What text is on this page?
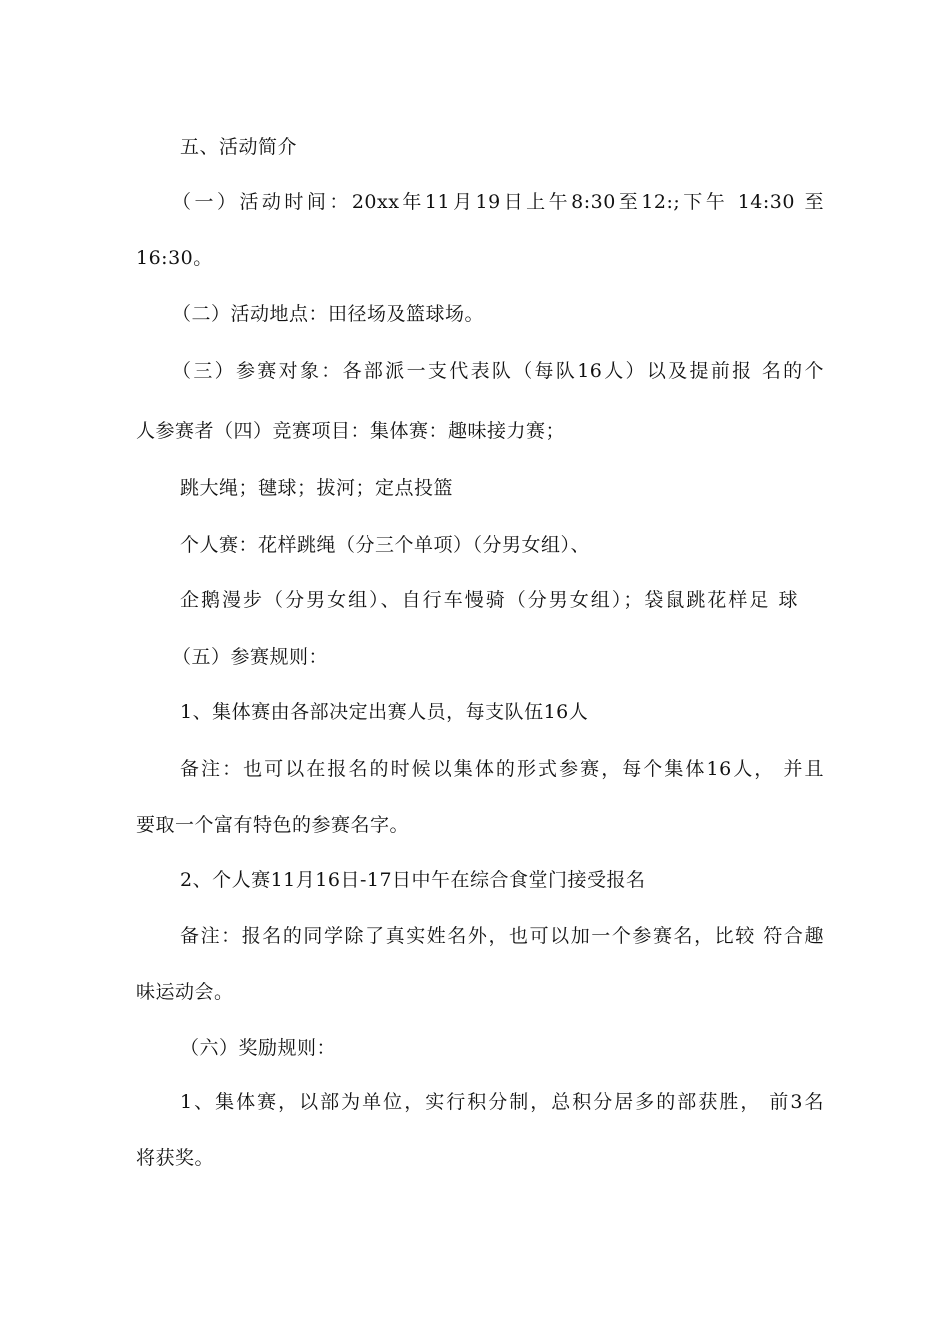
五、活动简介
（一）活动时间：20xx年11月19日上午8:30至12:;下午 14:30 至
16:30。
（二）活动地点：田径场及篮球场。
（三）参赛对象：各部派一支代表队（每队16人）以及提前报 名的个
人参赛者（四）竞赛项目：集体赛：趣味接力赛；
跳大绳；毽球；拔河；定点投篮
个人赛：花样跳绳（分三个单项）（分男女组）、
企鹅漫步（分男女组）、自行车慢骑（分男女组）；袋鼠跳花样足 球
（五）参赛规则：
1、集体赛由各部决定出赛人员，每支队伍16人
备注：也可以在报名的时候以集体的形式参赛，每个集体16人， 并且
要取一个富有特色的参赛名字。
2、个人赛11月16日-17日中午在综合食堂门接受报名
备注：报名的同学除了真实姓名外，也可以加一个参赛名，比较 符合趣
味运动会。
（六）奖励规则：
1、集体赛，以部为单位，实行积分制，总积分居多的部获胜， 前3名
将获奖。
